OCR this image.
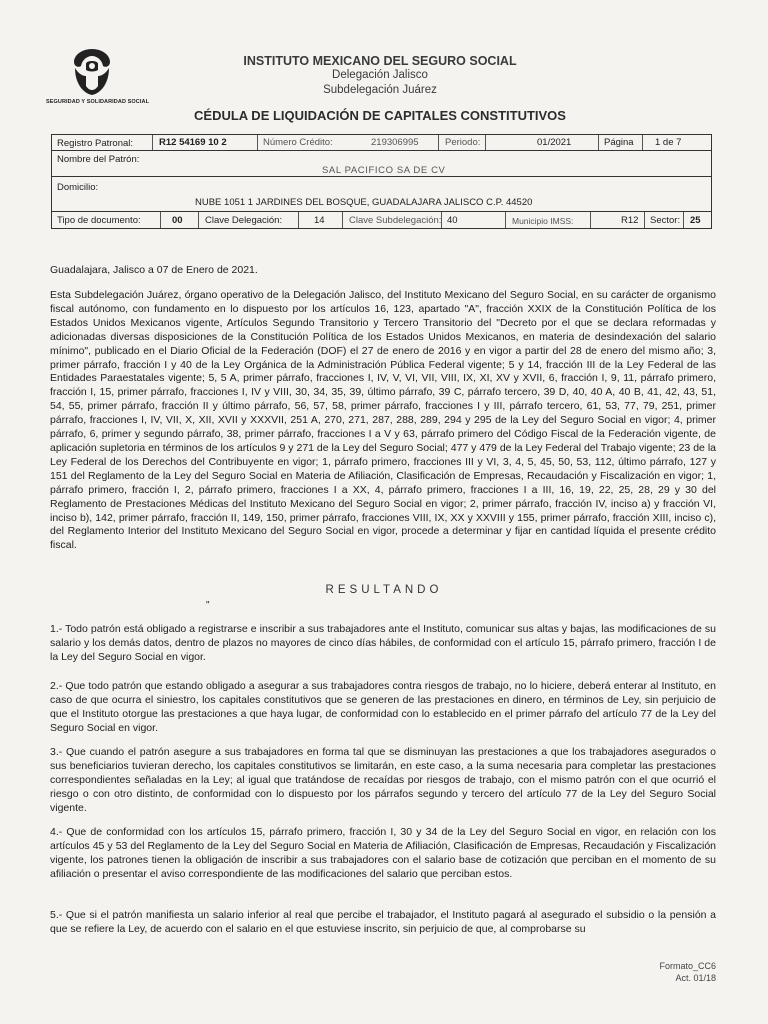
SEGURIDAD Y SOLIDARIDAD SOCIAL
INSTITUTO MEXICANO DEL SEGURO SOCIAL
Delegación Jalisco
Subdelegación Juárez
CÉDULA DE LIQUIDACIÓN DE CAPITALES CONSTITUTIVOS
Registro Patronal:	R12 54169 10 2	Número Crédito:	219306995	Periodo:	01/2021	Página 1 de 7
Nombre del Patrón:
SAL PACIFICO SA DE CV
Domicilio:
NUBE 1051 1 JARDINES DEL BOSQUE, GUADALAJARA JALISCO C.P. 44520
Tipo de documento:	00 Clave Delegación:	14	Clave Subdelegación: 40	Municipio IMSS:	R12 Sector: 25
Guadalajara, Jalisco a 07 de Enero de 2021.
Esta Subdelegación Juárez, órgano operativo de la Delegación Jalisco, del Instituto Mexicano del Seguro Social, en su carácter de organismo fiscal autónomo, con fundamento en lo dispuesto por los artículos 16, 123, apartado "A", fracción XXIX de la Constitución Política de los Estados Unidos Mexicanos vigente, Artículos Segundo Transitorio y Tercero Transitorio del "Decreto por el que se declara reformadas y adicionadas diversas disposiciones de la Constitución Política de los Estados Unidos Mexicanos, en materia de desindexación del salario mínimo", publicado en el Diario Oficial de la Federación (DOF) el 27 de enero de 2016 y en vigor a partir del 28 de enero del mismo año; 3, primer párrafo, fracción I y 40 de la Ley Orgánica de la Administración Pública Federal vigente; 5 y 14, fracción III de la Ley Federal de las Entidades Paraestatales vigente; 5, 5 A, primer párrafo, fracciones I, IV, V, VI, VII, VIII, IX, XI, XV y XVII, 6, fracción I, 9, 11, párrafo primero, fracción I, 15, primer párrafo, fracciones I, IV y VIII, 30, 34, 35, 39, último párrafo, 39 C, párrafo tercero, 39 D, 40, 40 A, 40 B, 41, 42, 43, 51, 54, 55, primer párrafo, fracción II y último párrafo, 56, 57, 58, primer párrafo, fracciones I y III, párrafo tercero, 61, 53, 77, 79, 251, primer párrafo, fracciones I, IV, VII, X, XII, XVII y XXXVII, 251 A, 270, 271, 287, 288, 289, 294 y 295 de la Ley del Seguro Social en vigor; 4, primer párrafo, 6, primer y segundo párrafo, 38, primer párrafo, fracciones I a V y 63, párrafo primero del Código Fiscal de la Federación vigente, de aplicación supletoria en términos de los artículos 9 y 271 de la Ley del Seguro Social; 477 y 479 de la Ley Federal del Trabajo vigente; 23 de la Ley Federal de los Derechos del Contribuyente en vigor; 1, párrafo primero, fracciones III y VI, 3, 4, 5, 45, 50, 53, 112, último párrafo, 127 y 151 del Reglamento de la Ley del Seguro Social en Materia de Afiliación, Clasificación de Empresas, Recaudación y Fiscalización en vigor; 1, párrafo primero, fracción I, 2, párrafo primero, fracciones I a XX, 4, párrafo primero, fracciones I a III, 16, 19, 22, 25, 28, 29 y 30 del Reglamento de Prestaciones Médicas del Instituto Mexicano del Seguro Social en vigor; 2, primer párrafo, fracción IV, inciso a) y fracción VI, inciso b), 142, primer párrafo, fracción II, 149, 150, primer párrafo, fracciones VIII, IX, XX y XXVIII y 155, primer párrafo, fracción XIII, inciso c), del Reglamento Interior del Instituto Mexicano del Seguro Social en vigor, procede a determinar y fijar en cantidad líquida el presente crédito fiscal.
RESULTANDO
"
1.- Todo patrón está obligado a registrarse e inscribir a sus trabajadores ante el Instituto, comunicar sus altas y bajas, las modificaciones de su salario y los demás datos, dentro de plazos no mayores de cinco días hábiles, de conformidad con el artículo 15, párrafo primero, fracción I de la Ley del Seguro Social en vigor.
2.- Que todo patrón que estando obligado a asegurar a sus trabajadores contra riesgos de trabajo, no lo hiciere, deberá enterar al Instituto, en caso de que ocurra el siniestro, los capitales constitutivos que se generen de las prestaciones en dinero, en términos de Ley, sin perjuicio de que el Instituto otorgue las prestaciones a que haya lugar, de conformidad con lo establecido en el primer párrafo del artículo 77 de la Ley del Seguro Social en vigor.
3.- Que cuando el patrón asegure a sus trabajadores en forma tal que se disminuyan las prestaciones a que los trabajadores asegurados o sus beneficiarios tuvieran derecho, los capitales constitutivos se limitarán, en este caso, a la suma necesaria para completar las prestaciones correspondientes señaladas en la Ley; al igual que tratándose de recaídas por riesgos de trabajo, con el mismo patrón con el que ocurrió el riesgo o con otro distinto, de conformidad con lo dispuesto por los párrafos segundo y tercero del artículo 77 de la Ley del Seguro Social vigente.
4.- Que de conformidad con los artículos 15, párrafo primero, fracción I, 30 y 34 de la Ley del Seguro Social en vigor, en relación con los artículos 45 y 53 del Reglamento de la Ley del Seguro Social en Materia de Afiliación, Clasificación de Empresas, Recaudación y Fiscalización vigente, los patrones tienen la obligación de inscribir a sus trabajadores con el salario base de cotización que perciban en el momento de su afiliación o presentar el aviso correspondiente de las modificaciones del salario que perciban estos.
5.- Que si el patrón manifiesta un salario inferior al real que percibe el trabajador, el Instituto pagará al asegurado el subsidio o la pensión a que se refiere la Ley, de acuerdo con el salario en el que estuviese inscrito, sin perjuicio de que, al comprobarse su
Formato_CC6
Act. 01/18
